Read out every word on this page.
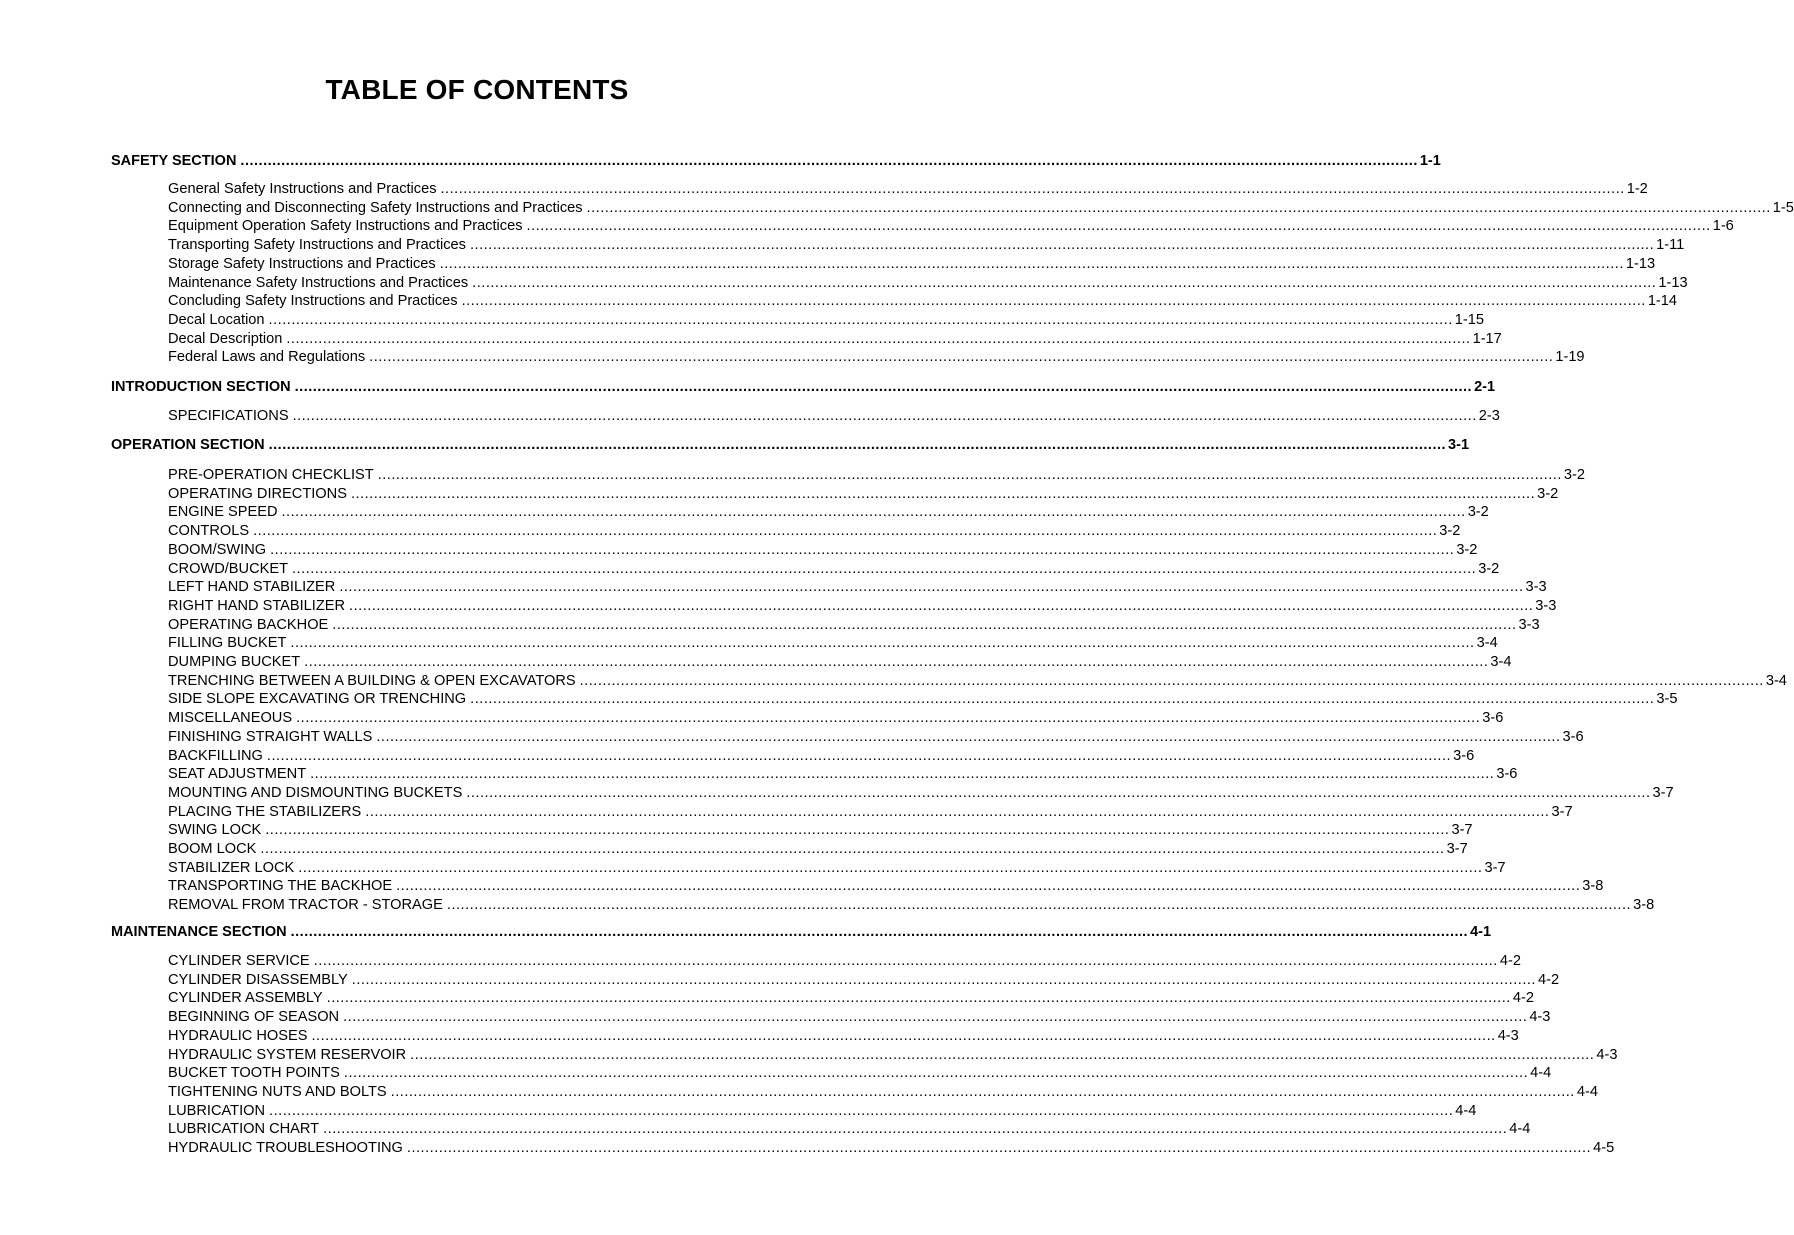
TABLE OF CONTENTS
SAFETY SECTION .................................................................................................................................................................................................................................................................... 1-1
General Safety Instructions and Practices .................................................................................................................................................................................................................................................................... 1-2
Connecting and Disconnecting Safety Instructions and Practices .................................................................................................................................................................................................................................................................... 1-5
Equipment Operation Safety Instructions and Practices .................................................................................................................................................................................................................................................................... 1-6
Transporting Safety Instructions and Practices .................................................................................................................................................................................................................................................................... 1-11
Storage Safety Instructions and Practices .................................................................................................................................................................................................................................................................... 1-13
Maintenance Safety Instructions and Practices .................................................................................................................................................................................................................................................................... 1-13
Concluding Safety Instructions and Practices .................................................................................................................................................................................................................................................................... 1-14
Decal Location .................................................................................................................................................................................................................................................................... 1-15
Decal Description .................................................................................................................................................................................................................................................................... 1-17
Federal Laws and Regulations .................................................................................................................................................................................................................................................................... 1-19
INTRODUCTION SECTION .................................................................................................................................................................................................................................................................... 2-1
SPECIFICATIONS .................................................................................................................................................................................................................................................................... 2-3
OPERATION SECTION .................................................................................................................................................................................................................................................................... 3-1
PRE-OPERATION CHECKLIST .................................................................................................................................................................................................................................................................... 3-2
OPERATING DIRECTIONS .................................................................................................................................................................................................................................................................... 3-2
ENGINE SPEED .................................................................................................................................................................................................................................................................... 3-2
CONTROLS .................................................................................................................................................................................................................................................................... 3-2
BOOM/SWING .................................................................................................................................................................................................................................................................... 3-2
CROWD/BUCKET .................................................................................................................................................................................................................................................................... 3-2
LEFT HAND STABILIZER .................................................................................................................................................................................................................................................................... 3-3
RIGHT HAND STABILIZER .................................................................................................................................................................................................................................................................... 3-3
OPERATING BACKHOE .................................................................................................................................................................................................................................................................... 3-3
FILLING BUCKET .................................................................................................................................................................................................................................................................... 3-4
DUMPING BUCKET .................................................................................................................................................................................................................................................................... 3-4
TRENCHING BETWEEN A BUILDING & OPEN EXCAVATORS .................................................................................................................................................................................................................................................................... 3-4
SIDE SLOPE EXCAVATING OR TRENCHING .................................................................................................................................................................................................................................................................... 3-5
MISCELLANEOUS .................................................................................................................................................................................................................................................................... 3-6
FINISHING STRAIGHT WALLS .................................................................................................................................................................................................................................................................... 3-6
BACKFILLING .................................................................................................................................................................................................................................................................... 3-6
SEAT ADJUSTMENT .................................................................................................................................................................................................................................................................... 3-6
MOUNTING AND DISMOUNTING BUCKETS .................................................................................................................................................................................................................................................................... 3-7
PLACING THE STABILIZERS .................................................................................................................................................................................................................................................................... 3-7
SWING LOCK .................................................................................................................................................................................................................................................................... 3-7
BOOM LOCK .................................................................................................................................................................................................................................................................... 3-7
STABILIZER LOCK .................................................................................................................................................................................................................................................................... 3-7
TRANSPORTING THE BACKHOE .................................................................................................................................................................................................................................................................... 3-8
REMOVAL FROM TRACTOR - STORAGE .................................................................................................................................................................................................................................................................... 3-8
MAINTENANCE SECTION .................................................................................................................................................................................................................................................................... 4-1
CYLINDER SERVICE .................................................................................................................................................................................................................................................................... 4-2
CYLINDER DISASSEMBLY .................................................................................................................................................................................................................................................................... 4-2
CYLINDER ASSEMBLY .................................................................................................................................................................................................................................................................... 4-2
BEGINNING OF SEASON .................................................................................................................................................................................................................................................................... 4-3
HYDRAULIC HOSES .................................................................................................................................................................................................................................................................... 4-3
HYDRAULIC SYSTEM RESERVOIR .................................................................................................................................................................................................................................................................... 4-3
BUCKET TOOTH POINTS .................................................................................................................................................................................................................................................................... 4-4
TIGHTENING NUTS AND BOLTS .................................................................................................................................................................................................................................................................... 4-4
LUBRICATION .................................................................................................................................................................................................................................................................... 4-4
LUBRICATION CHART .................................................................................................................................................................................................................................................................... 4-4
HYDRAULIC TROUBLESHOOTING .................................................................................................................................................................................................................................................................... 4-5
